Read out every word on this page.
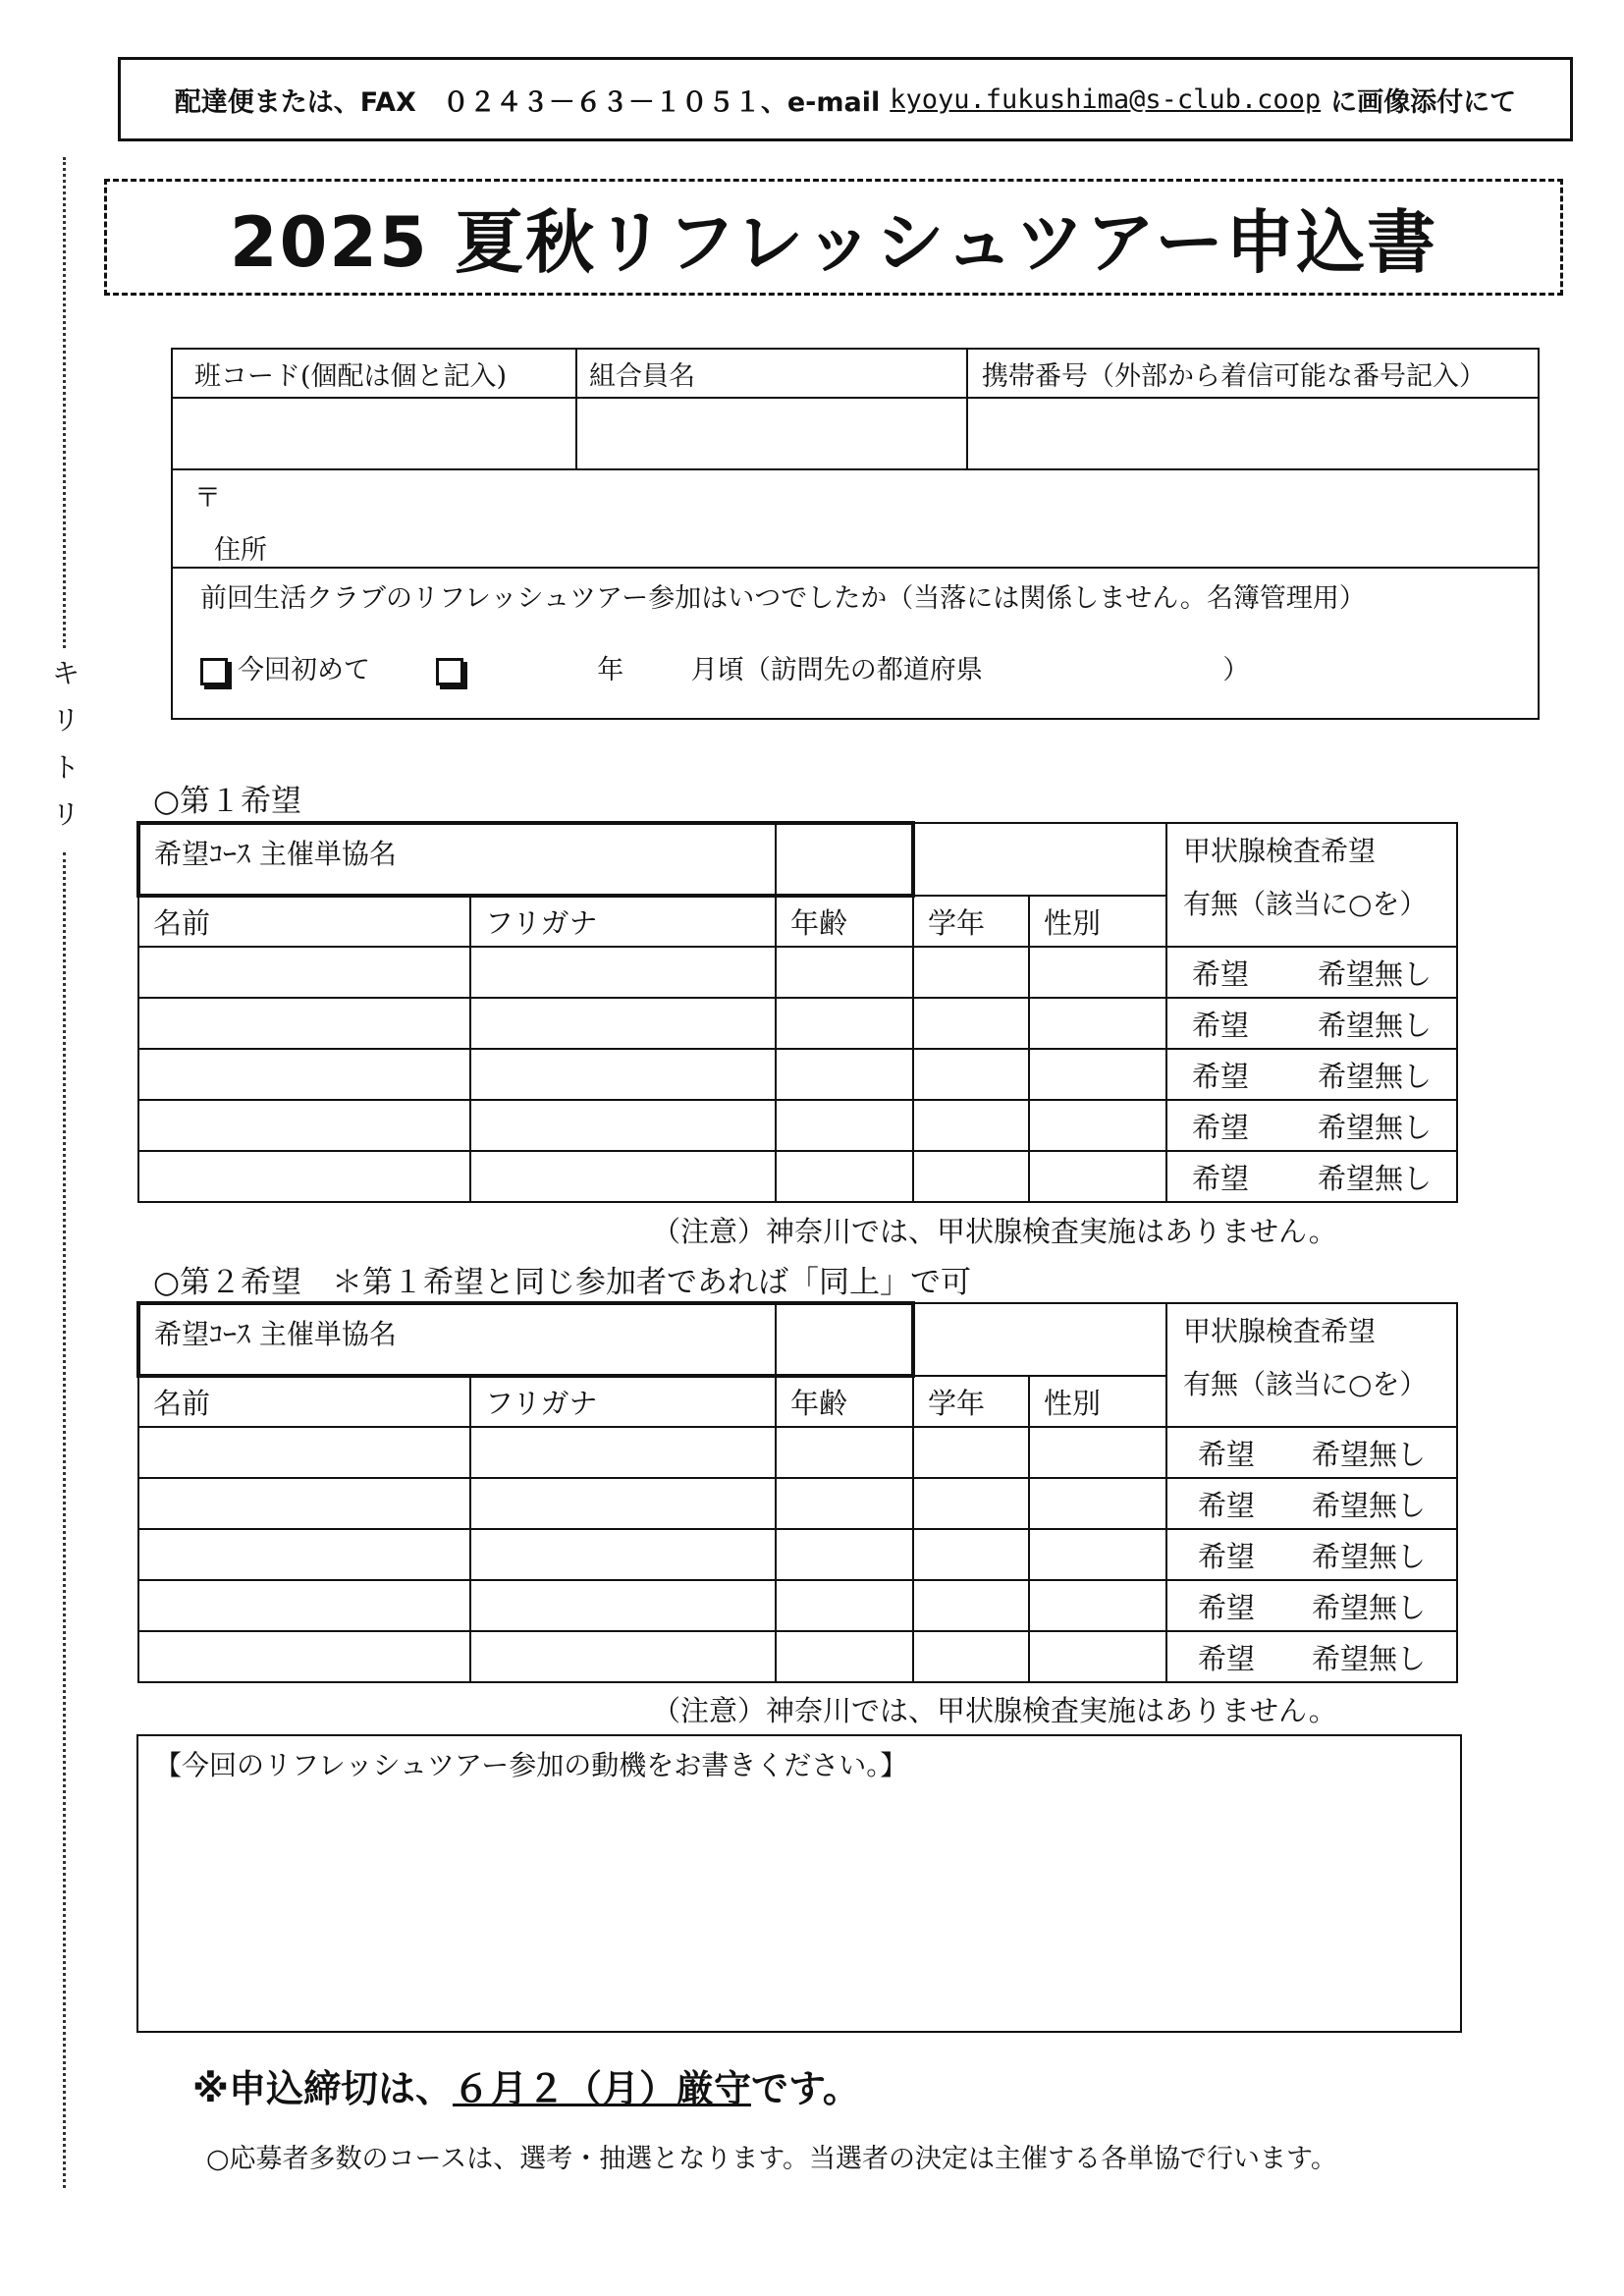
配達便または、FAX　０２４３－６３－１０５１、e-mail kyoyu.fukushima@s-club.coop に画像添付にて
2025 夏秋リフレッシュツアー申込書
キ
リ
ト
リ
班コード(個配は個と記入)	組合員名	携帯番号（外部から着信可能な番号記入）

〒
住所		

前回生活クラブのリフレッシュツアー参加はいつでしたか（当落には関係しません。名簿管理用）
今回初めて 年 月頃（訪問先の都道府県 ）		
○第１希望
希望ｺｰｽ 主催単協名					甲状腺検査希望
有無（該当に○を）

名前	フリガナ	年齢	学年	性別	

					希望 希望無し
					希望 希望無し
					希望 希望無し
					希望 希望無し
					希望 希望無し
（注意）神奈川では、甲状腺検査実施はありません。
○第２希望　＊第１希望と同じ参加者であれば「同上」で可
希望ｺｰｽ 主催単協名					甲状腺検査希望
有無（該当に○を）

名前	フリガナ	年齢	学年	性別	

					希望 希望無し
					希望 希望無し
					希望 希望無し
					希望 希望無し
					希望 希望無し
（注意）神奈川では、甲状腺検査実施はありません。
【今回のリフレッシュツアー参加の動機をお書きください。】
※申込締切は、６月２（月）厳守です。
○応募者多数のコースは、選考・抽選となります。当選者の決定は主催する各単協で行います。
